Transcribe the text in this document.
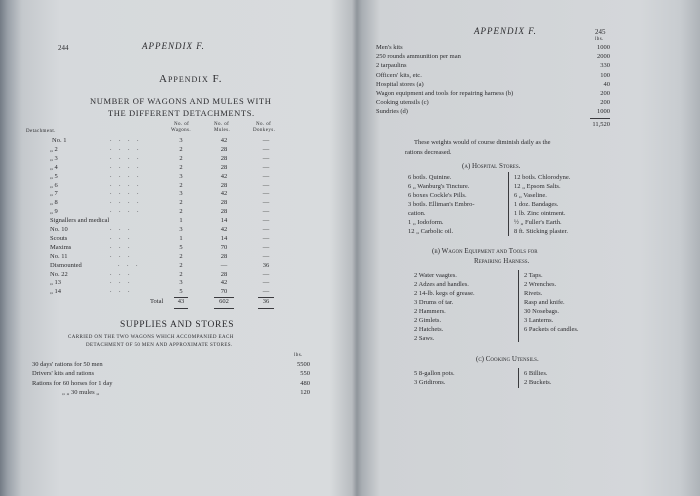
244	APPENDIX F.
Appendix F.
NUMBER OF WAGONS AND MULES WITH
THE DIFFERENT DETACHMENTS.
Detachment.
No. of
Wagons.
No. of
Mules.
No. of
Donkeys.
No. 1	. . . .	3	42	—
„ 2	. . . .	2	28	—
„ 3	. . . .	2	28	—
„ 4	. . . .	2	28	—
„ 5	. . . .	3	42	—
„ 6	. . . .	2	28	—
„ 7	. . . .	3	42	—
„ 8	. . . .	2	28	—
„ 9	. . . .	2	28	—
Signallers and medical	1	14	—
No. 10	. . .	3	42	—
Scouts	. . .	1	14	—
Maxims	. . .	5	70	—
No. 11	. . .	2	28	—
Dismounted	. . .	2	—	36
No. 22	. . .	2	28	—
„ 13	. . .	3	42	—
„ 14	. . .	5	70	—
Total	43	602	36
SUPPLIES AND STORES
CARRIED ON THE TWO WAGONS WHICH ACCOMPANIED EACH
DETACHMENT OF 50 MEN AND APPROXIMATE STORES.
lbs.
30 days' rations for 50 men	5500
Drivers' kits and rations	550
Rations for 60 horses for 1 day	480
„ „ 30 mules „	120
APPENDIX F.	245
lbs.
Men's kits	1000
250 rounds ammunition per man	2000
2 tarpaulins	330
Officers' kits, etc.	100
Hospital stores (a)	40
Wagon equipment and tools for repairing harness (b)	200
Cooking utensils (c)	200
Sundries (d)	1000
11,520
These weights would of course diminish daily as the
rations decreased.
(a) Hospital Stores.
6 botls. Quinine.
6 „ Wanburg's Tincture.
6 boxes Cockle's Pills.
3 botls. Elliman's Embro-
cation.
1 „ Iodoform.
12 „ Carbolic oil.
12 botls. Chlorodyne.
12 „ Epsom Salts.
6 „ Vaseline.
1 doz. Bandages.
1 lb. Zinc ointment.
½ „ Fuller's Earth.
8 ft. Sticking plaster.
(b) Wagon Equipment and Tools for
Repairing Harness.
2 Water vaagtes.
2 Adzes and handles.
2 14-lb. kegs of grease.
3 Drums of tar.
2 Hammers.
2 Gimlets.
2 Hatchets.
2 Saws.
2 Taps.
2 Wrenches.
Rivets.
Rasp and knife.
30 Nosebags.
3 Lanterns.
6 Packets of candles.
(c) Cooking Utensils.
5 8-gallon pots.
3 Gridirons.
6 Billies.
2 Buckets.
